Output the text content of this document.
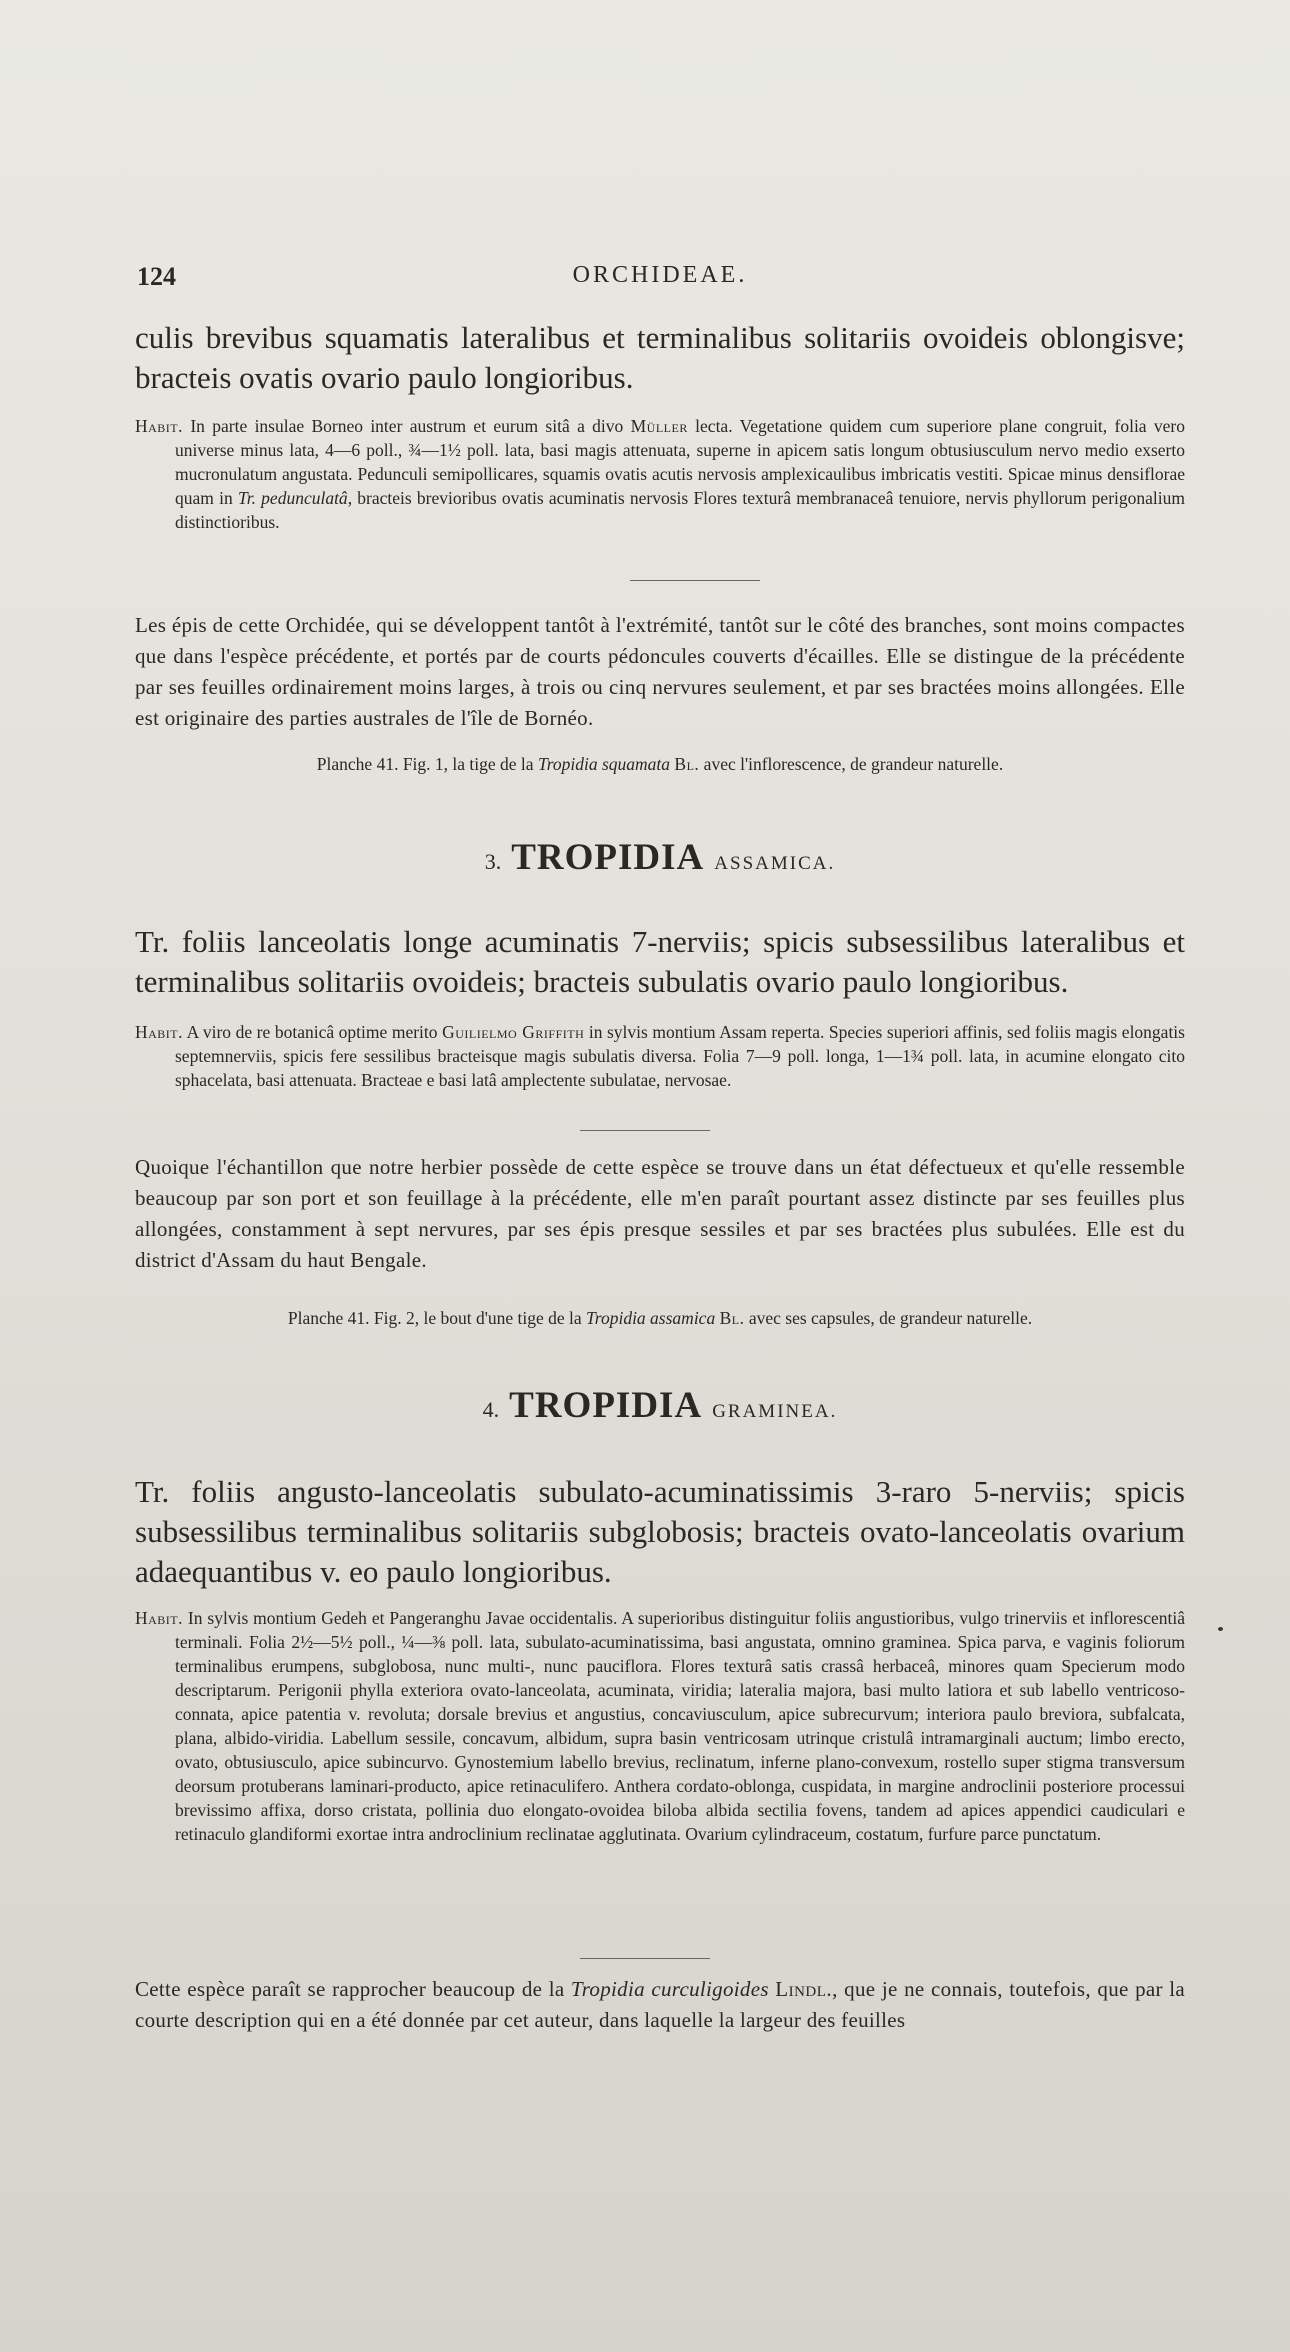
124	ORCHIDEAE.
culis brevibus squamatis lateralibus et terminalibus solitariis ovoideis oblongisve; bracteis ovatis ovario paulo longioribus.
Habit. In parte insulae Borneo inter austrum et eurum sitâ a divo Müller lecta. Vegetatione quidem cum superiore plane congruit, folia vero universe minus lata, 4—6 poll., ¾—1½ poll. lata, basi magis attenuata, superne in apicem satis longum obtusiusculum nervo medio exserto mucronulatum angustata. Pedunculi semipollicares, squamis ovatis acutis nervosis amplexicaulibus imbricatis vestiti. Spicae minus densiflorae quam in Tr. pedunculatâ, bracteis brevioribus ovatis acuminatis nervosis Flores texturâ membranaceâ tenuiore, nervis phyllorum perigonalium distinctioribus.
Les épis de cette Orchidée, qui se développent tantôt à l'extrémité, tantôt sur le côté des branches, sont moins compactes que dans l'espèce précédente, et portés par de courts pédoncules couverts d'écailles. Elle se distingue de la précédente par ses feuilles ordinairement moins larges, à trois ou cinq nervures seulement, et par ses bractées moins allongées. Elle est originaire des parties australes de l'île de Bornéo.
Planche 41. Fig. 1, la tige de la Tropidia squamata Bl. avec l'inflorescence, de grandeur naturelle.
3. TROPIDIA ASSAMICA.
Tr. foliis lanceolatis longe acuminatis 7-nerviis; spicis subsessilibus lateralibus et terminalibus solitariis ovoideis; bracteis subulatis ovario paulo longioribus.
Habit. A viro de re botanicâ optime merito Guilielmo Griffith in sylvis montium Assam reperta. Species superiori affinis, sed foliis magis elongatis septemnerviis, spicis fere sessilibus bracteisque magis subulatis diversa. Folia 7—9 poll. longa, 1—1¾ poll. lata, in acumine elongato cito sphacelata, basi attenuata. Bracteae e basi latâ amplectente subulatae, nervosae.
Quoique l'échantillon que notre herbier possède de cette espèce se trouve dans un état défectueux et qu'elle ressemble beaucoup par son port et son feuillage à la précédente, elle m'en paraît pourtant assez distincte par ses feuilles plus allongées, constamment à sept nervures, par ses épis presque sessiles et par ses bractées plus subulées. Elle est du district d'Assam du haut Bengale.
Planche 41. Fig. 2, le bout d'une tige de la Tropidia assamica Bl. avec ses capsules, de grandeur naturelle.
4. TROPIDIA GRAMINEA.
Tr. foliis angusto-lanceolatis subulato-acuminatissimis 3-raro 5-nerviis; spicis subsessilibus terminalibus solitariis subglobosis; bracteis ovato-lanceolatis ovarium adaequantibus v. eo paulo longioribus.
Habit. In sylvis montium Gedeh et Pangeranghu Javae occidentalis. A superioribus distinguitur foliis angustioribus, vulgo trinerviis et inflorescentiâ terminali. Folia 2½—5½ poll., ¼—⅜ poll. lata, subulato-acuminatissima, basi angustata, omnino graminea. Spica parva, e vaginis foliorum terminalibus erumpens, subglobosa, nunc multi-, nunc pauciflora. Flores texturâ satis crassâ herbaceâ, minores quam Specierum modo descriptarum. Perigonii phylla exteriora ovato-lanceolata, acuminata, viridia; lateralia majora, basi multo latiora et sub labello ventricoso-connata, apice patentia v. revoluta; dorsale brevius et angustius, concaviusculum, apice subrecurvum; interiora paulo breviora, subfalcata, plana, albido-viridia. Labellum sessile, concavum, albidum, supra basin ventricosam utrinque cristulâ intramarginali auctum; limbo erecto, ovato, obtusiusculo, apice subincurvo. Gynostemium labello brevius, reclinatum, inferne plano-convexum, rostello super stigma transversum deorsum protuberans laminari-producto, apice retinaculifero. Anthera cordato-oblonga, cuspidata, in margine androclinii posteriore processui brevissimo affixa, dorso cristata, pollinia duo elongato-ovoidea biloba albida sectilia fovens, tandem ad apices appendici caudiculari e retinaculo glandiformi exortae intra androclinium reclinatae agglutinata. Ovarium cylindraceum, costatum, furfure parce punctatum.
Cette espèce paraît se rapprocher beaucoup de la Tropidia curculigoides Lindl., que je ne connais, toutefois, que par la courte description qui en a été donnée par cet auteur, dans laquelle la largeur des feuilles
